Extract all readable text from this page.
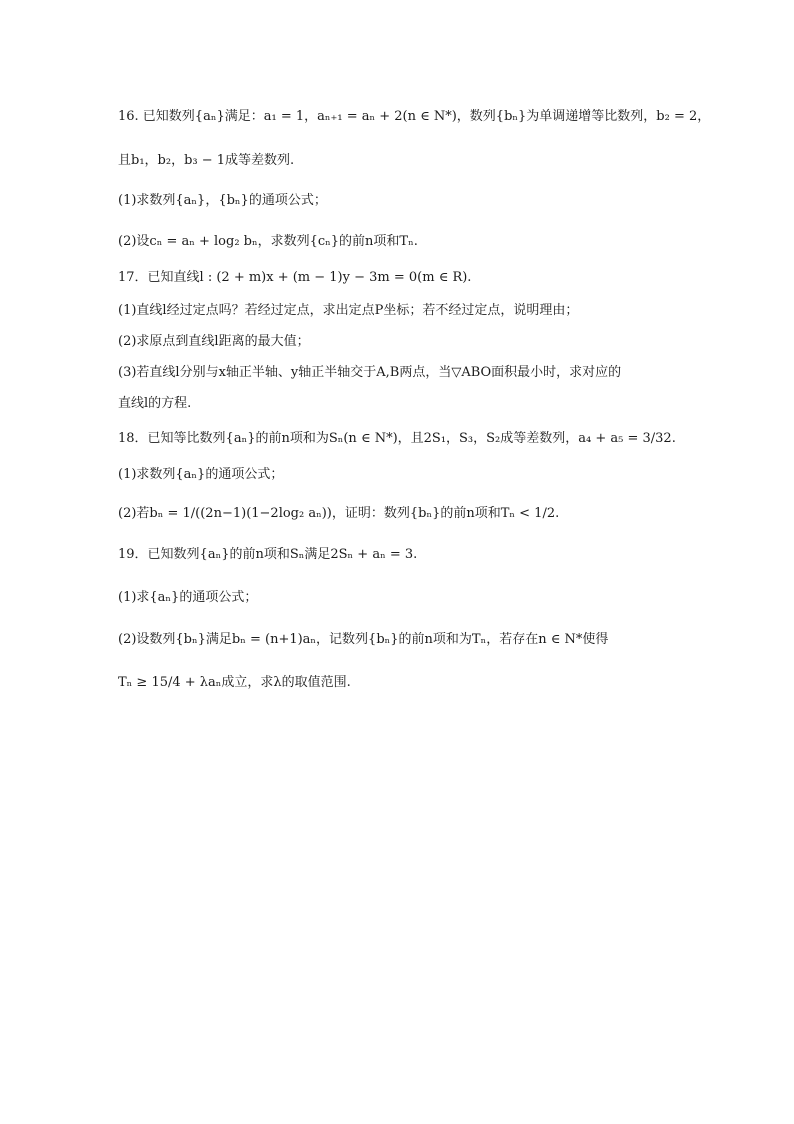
16. 已知数列{aₙ}满足：a₁ = 1，aₙ₊₁ = aₙ + 2(n ∈ N*)，数列{bₙ}为单调递增等比数列，b₂ = 2，
且b₁，b₂，b₃ − 1成等差数列.
(1)求数列{aₙ}，{bₙ}的通项公式；
(2)设cₙ = aₙ + log₂ bₙ，求数列{cₙ}的前n项和Tₙ.
17．已知直线l : (2 + m)x + (m − 1)y − 3m = 0(m ∈ R).
(1)直线l经过定点吗？若经过定点，求出定点P坐标；若不经过定点，说明理由；
(2)求原点到直线l距离的最大值；
(3)若直线l分别与x轴正半轴、y轴正半轴交于A,B两点，当▽ABO面积最小时，求对应的
直线l的方程.
18．已知等比数列{aₙ}的前n项和为Sₙ(n ∈ N*)，且2S₁，S₃，S₂成等差数列，a₄ + a₅ = 3/32.
(1)求数列{aₙ}的通项公式；
(2)若bₙ = 1/((2n−1)(1−2log₂ aₙ))，证明：数列{bₙ}的前n项和Tₙ < 1/2.
19．已知数列{aₙ}的前n项和Sₙ满足2Sₙ + aₙ = 3.
(1)求{aₙ}的通项公式；
(2)设数列{bₙ}满足bₙ = (n+1)aₙ，记数列{bₙ}的前n项和为Tₙ，若存在n ∈ N*使得
Tₙ ≥ 15/4 + λaₙ成立，求λ的取值范围.
